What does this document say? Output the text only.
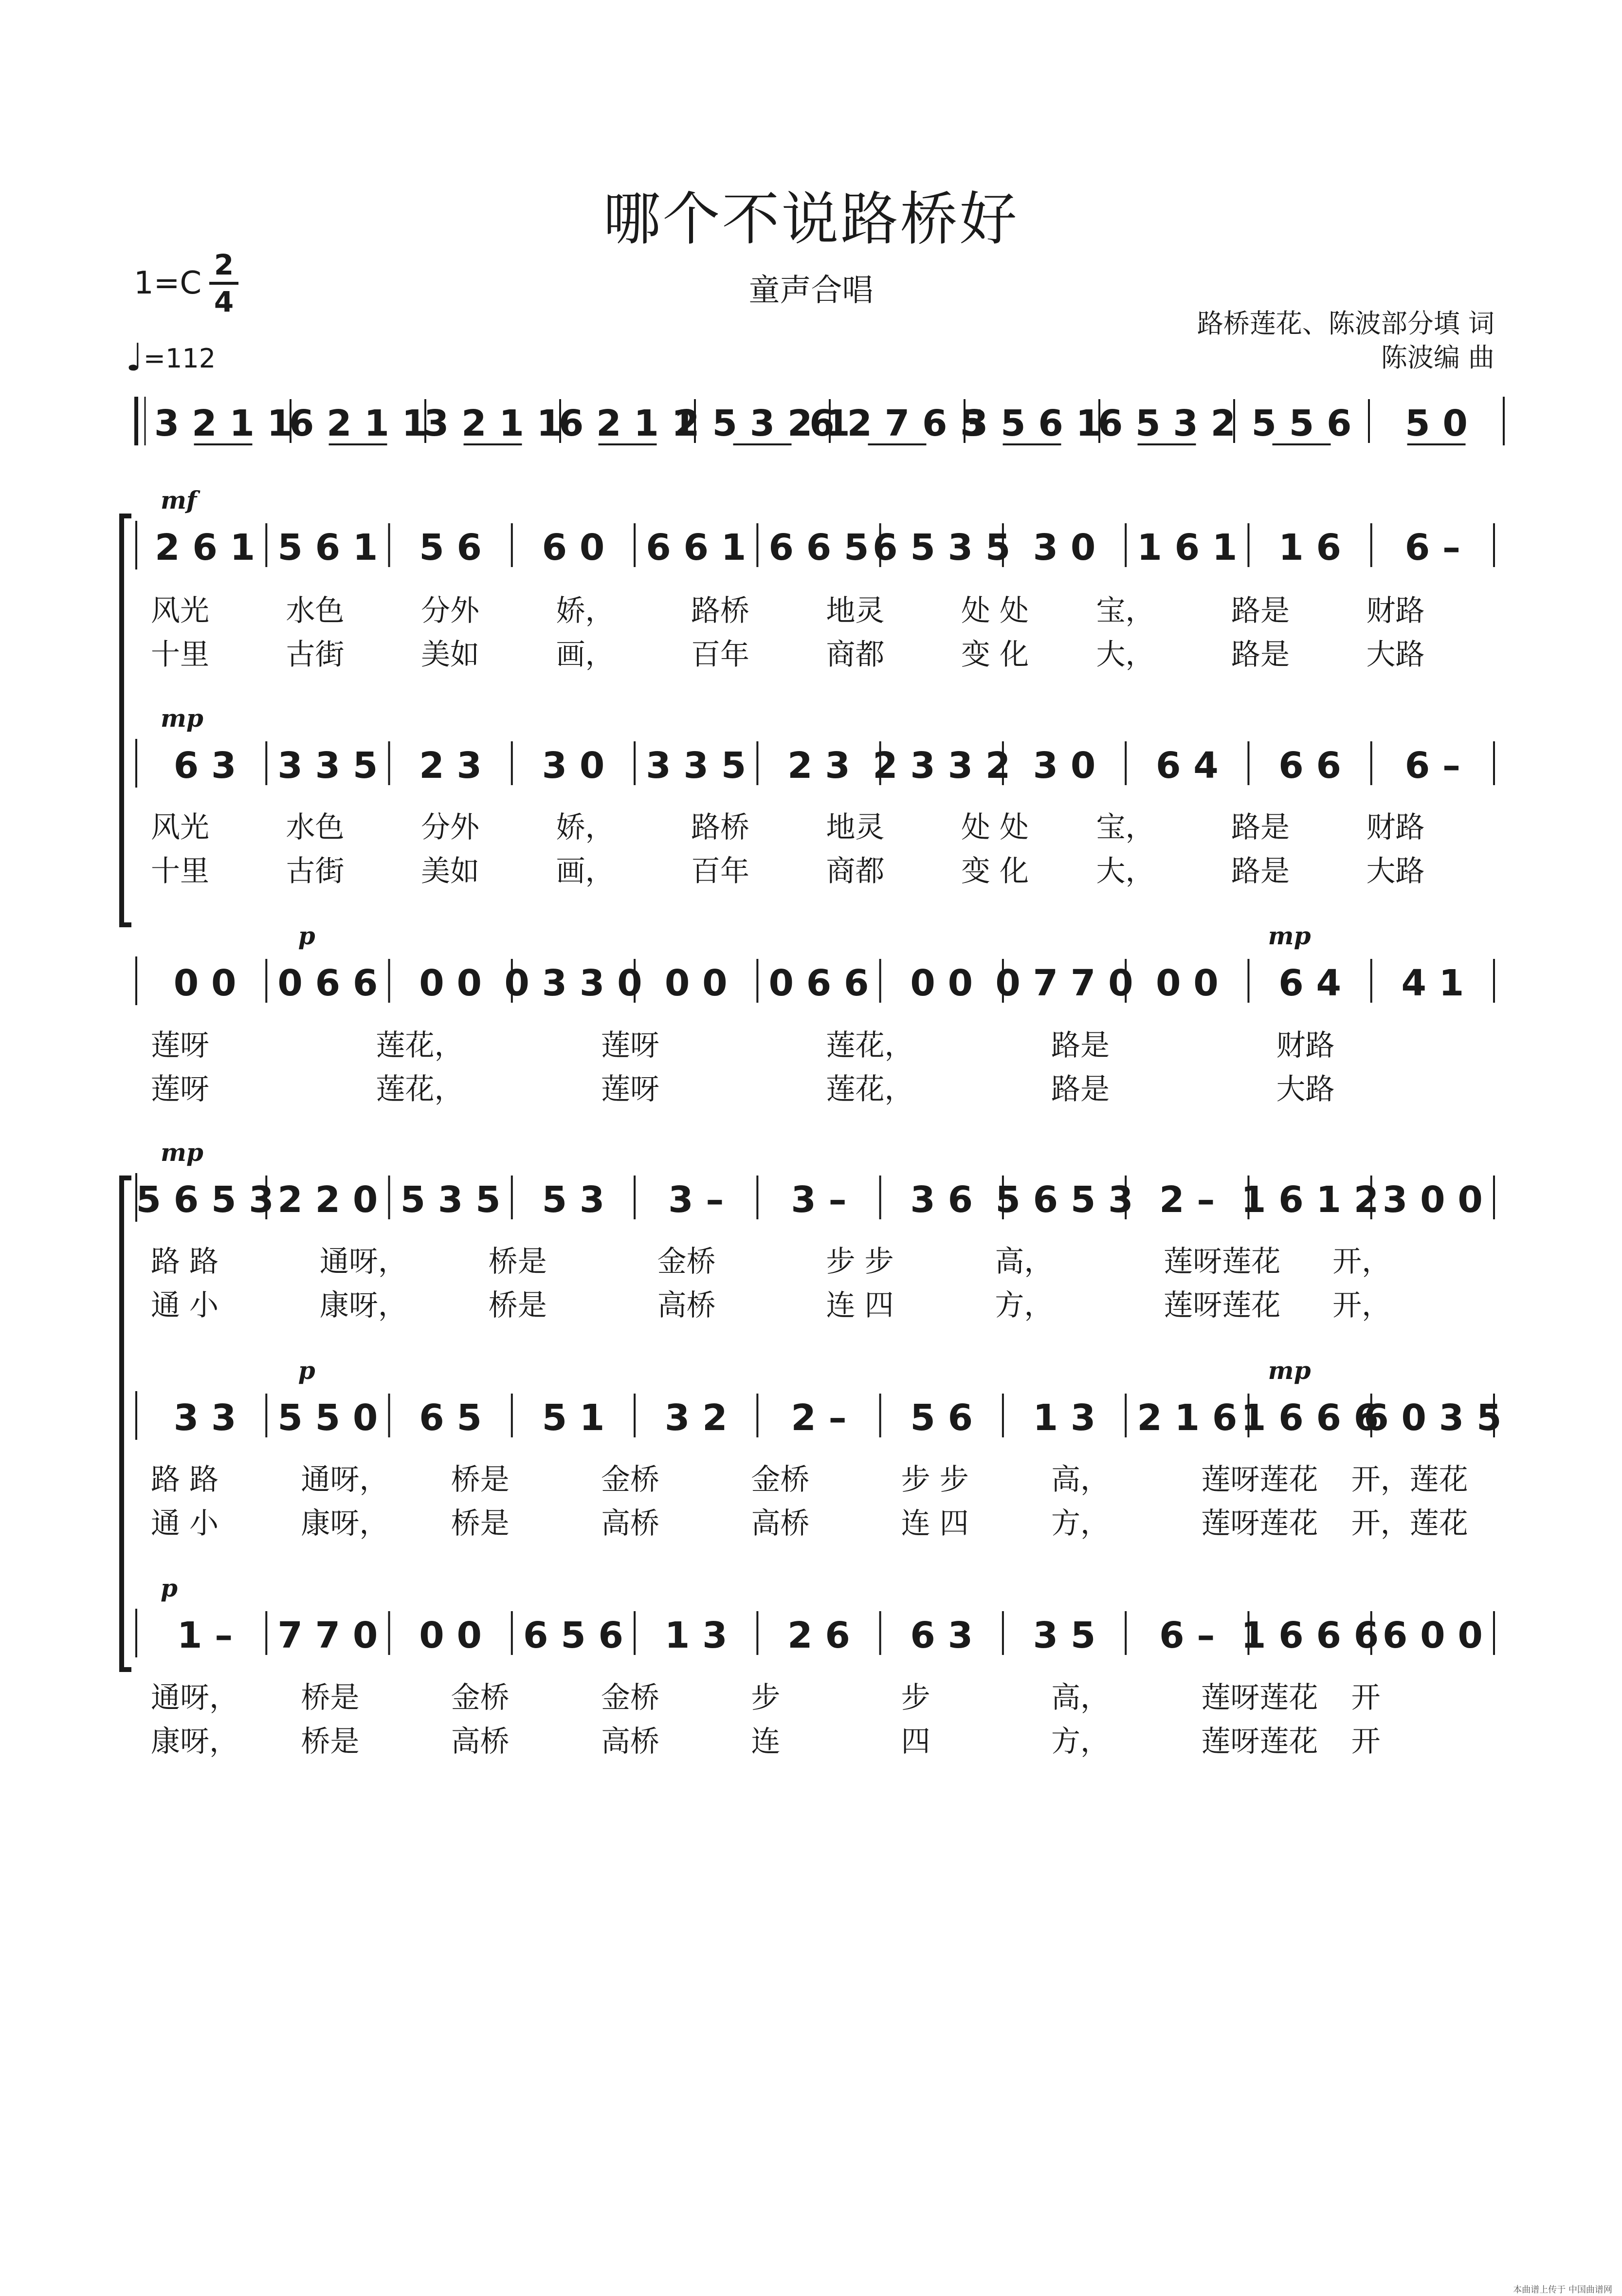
哪个不说路桥好
童声合唱
$1=C \frac{2}{4}$
♩=112
路桥莲花、陈波部分填 词
陈波编 曲
3 2 1 1
6 2 1 1
3 2 1 1
6 2 1 1
2 5 3 2 1
6 2 7 6 5
3 5 6 1
6 5 3 2 5 5 6 5 0
2 6 1 5 6 1 5 6 6 0 6 6 1 6 6 5 6 5 3 5 3 0 1 6 1 1 6 6 –
风光	水色	分外	娇，	路桥	地灵	处 处 宝，	路是	财路
十里	古街	美如	画，	百年	商都	变 化 大，	路是	大路
mf
6 3 3 3 5 2 3 3 0 3 3 5 2 3 2 3 3 2 3 0 6 4 6 6 6 –
风光	水色	分外	娇，	路桥	地灵	处 处 宝，	路是	财路
十里	古街	美如	画，	百年	商都	变 化 大，	路是	大路
mp
0 0 0 6 6 0 0 0 3 3 0 0 0 0 6 6 0 0 0 7 7 0 0 0 6 4 4 1
莲呀	莲花，	莲呀	莲花，	路是	财路
莲呀	莲花，	莲呀	莲花，	路是	大路
p	mp
5 6 5 3 2 2 0 5 3 5 5 3 3 – 3 – 3 6 5 6 5 3 2 – 1 6 1 2 3 0 0
路 路	通呀，	桥是	金桥	步 步	高，	莲呀莲花 开，
通 小	康呀，	桥是	高桥	连 四	方，	莲呀莲花 开，
mp
3 3 5 5 0 6 5 5 1 3 2 2 – 5 6 1 3 2 1 6 1 6 6 6
6 0 3 5
路 路	通呀， 桥是	金桥	金桥	步 步	高，	莲呀莲花 开，莲花
通 小	康呀， 桥是	高桥	高桥	连 四	方，	莲呀莲花 开，莲花
p	mp
1 – 7 7 0 0 0 6 5 6 1 3 2 6 6 3 3 5 6 – 1 6 6 6 6 0 0
通呀， 桥是	金桥	金桥	步	步	高，	莲呀莲花 开
康呀， 桥是	高桥	高桥	连	四	方，	莲呀莲花 开
p
本曲谱上传于 中国曲谱网
